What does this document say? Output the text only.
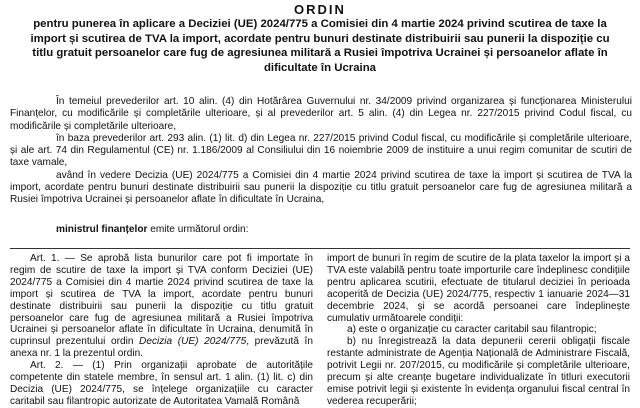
ORDIN
pentru punerea în aplicare a Deciziei (UE) 2024/775 a Comisiei din 4 martie 2024 privind scutirea de taxe la import și scutirea de TVA la import, acordate pentru bunuri destinate distribuirii sau punerii la dispoziție cu titlu gratuit persoanelor care fug de agresiunea militară a Rusiei împotriva Ucrainei și persoanelor aflate în dificultate în Ucraina

În temeiul prevederilor art. 10 alin. (4) din Hotărârea Guvernului nr. 34/2009 privind organizarea și funcționarea Ministerului Finanțelor, cu modificările și completările ulterioare, și al prevederilor art. 5 alin. (4) din Legea nr. 227/2015 privind Codul fiscal, cu modificările și completările ulterioare,

în baza prevederilor art. 293 alin. (1) lit. d) din Legea nr. 227/2015 privind Codul fiscal, cu modificările și completările ulterioare, și ale art. 74 din Regulamentul (CE) nr. 1.186/2009 al Consiliului din 16 noiembrie 2009 de instituire a unui regim comunitar de scutiri de taxe vamale,

având în vedere Decizia (UE) 2024/775 a Comisiei din 4 martie 2024 privind scutirea de taxe la import și scutirea de TVA la import, acordate pentru bunuri destinate distribuirii sau punerii la dispoziție cu titlu gratuit persoanelor care fug de agresiunea militară a Rusiei împotriva Ucrainei și persoanelor aflate în dificultate în Ucraina,

ministrul finanțelor emite următorul ordin:

Art. 1. — Se aprobă lista bunurilor care pot fi importate în regim de scutire de taxe la import și TVA conform Deciziei (UE) 2024/775 a Comisiei din 4 martie 2024 privind scutirea de taxe la import și scutirea de TVA la import, acordate pentru bunuri destinate distribuirii sau punerii la dispoziție cu titlu gratuit persoanelor care fug de agresiunea militară a Rusiei împotriva Ucrainei și persoanelor aflate în dificultate în Ucraina, denumită în cuprinsul prezentului ordin Decizia (UE) 2024/775, prevăzută în anexa nr. 1 la prezentul ordin.

Art. 2. — (1) Prin organizații aprobate de autoritățile competente din statele membre, în sensul art. 1 alin. (1) lit. c) din Decizia (UE) 2024/775, se înțelege organizațiile cu caracter caritabil sau filantropic autorizate de Autoritatea Vamală Română

import de bunuri în regim de scutire de la plata taxelor la import și a TVA este valabilă pentru toate importurile care îndeplinesc condițiile pentru aplicarea scutirii, efectuate de titularul deciziei în perioada acoperită de Decizia (UE) 2024/775, respectiv 1 ianuarie 2024—31 decembrie 2024, și se acordă persoanei care îndeplinește cumulativ următoarele condiții:

a) este o organizație cu caracter caritabil sau filantropic;

b) nu înregistrează la data depunerii cererii obligații fiscale restante administrate de Agenția Națională de Administrare Fiscală, potrivit Legii nr. 207/2015, cu modificările și completările ulterioare, precum și alte creanțe bugetare individualizate în titluri executorii emise potrivit legii și existente în evidența organului fiscal central în vederea recuperării;
